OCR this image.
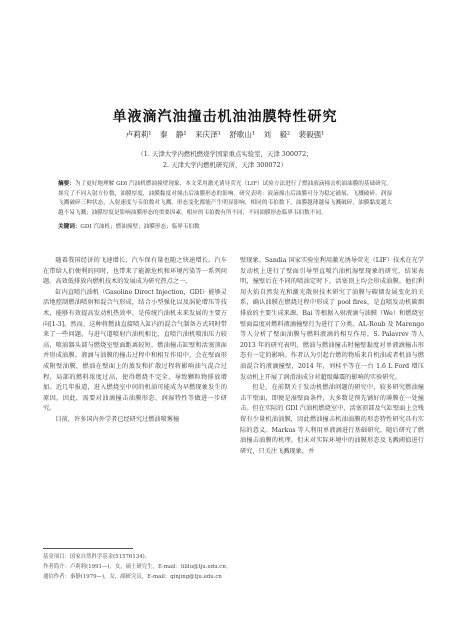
单液滴汽油撞击机油油膜特性研究
卢莉莉¹ 秦 静¹ 来庆泽¹ 舒歌山¹ 刘 毅² 裴毅强¹
（1. 天津大学内燃机燃烧学国家重点实验室，天津 300072；
2. 天津大学内燃机研究所，天津 300072）
摘要：为了更好地理解 GDI 汽油机燃油撞壁现象，本文采用激光诱导荧光（LIF）试验方法进行了燃油液滴撞击机油油膜的基础研究。探究了不同入射方位数，油膜厚度，油膜黏度对撞击后油膜形态的影响。研究表明：液滴撞击后油膜可分为稳定铺展、飞溅破碎、润湿飞溅破碎三种状态，入射速度与韦伯数对飞溅、形态变化都能产生明显影响，相同的韦伯数下，油膜越薄越易飞溅破碎，油膜黏度越大越不易飞溅；油膜厚度是影响油膜形态的重要因素，相应的韦伯数有所不同，不同油膜形态临界韦伯数不同。
关键词：GDI 汽油机；燃油撞壁；油膜形态；临界韦伯数

随着我国经济的飞速增长，汽车保有量也随之快速增长。汽车在带给人们便利的同时，也带来了能源危机和环境污染等一系列问题。高效低排放内燃机技术的发展成为研究热点之一。

缸内直喷汽油机（Gasoline Direct Injection，GDI）能够灵活地控制燃油喷射和混合气形成，结合小型强化以及涡轮增压等技术，能够有效提高发动机热效率，是传统汽油机未来发展的主要方向[1-3]。然而，这种将燃油直接喷入缸内的混合气制备方式同时带来了一些问题。与进气道喷射汽油机相比，直喷汽油机喷油压力较高，喷油器头部与燃烧室壁面距离较短，燃油撞击缸壁和活塞顶面并形成油膜。液滴与油膜的撞击过程中和相互作用中，会在壁面形成附壁油膜，燃油在壁面上的蒸发和扩散过程将影响油气混合过程，局部的燃料浓度过高，使得燃烧不完全，导致颗粒物排放增加。近几年报道，进入燃烧室中间的机油可能成为早燃现象发生的原因。因此，需要对油滴撞击油膜形态、润湿特性等做进一步研究。

目前，许多国内外学者已经研究过燃油喷雾撞

壁现象。Sandia 国家实验室利用激光诱导荧光（LIF）技术在光学发动机上进行了壁面引导型直喷汽油机湿壁现象的研究，结果表明，撞壁后在不同的喷油定时下，活塞顶上均会形成油膜。他们利用火焰自然发光和激光散射技术研究了油膜与碳烟发展变化的关系，确认油膜在燃烧过程中形成了 pool fires，是直喷发动机碳烟排放的主要生成来源。Bai 等根据入射液滴与油膜（We）和燃烧室壁面温度对燃料液滴撞壁行为进行了分类。AL-Roub 及 Marengo 等人分析了壁面油膜与燃料液滴的相互作用。S. Palavrev 等人 2013 年的研究表明，燃油与燃油撞击时撞壁黏度对单液滴撞击形态有一定的影响。作者认为引起台燃的物质来自机油或者机油与燃油混合的液滴撞壁，2014 年，刘桂平等在一台 1.6 L Ford 增压发动机上开展了润滑油成分对超级爆震的影响的实验研究。

但是，在前期关于发动机燃油问题的研究中，较多研究燃油撞击干壁面，即便是湿壁面条件，大多数是预先铺好的薄膜在一处撞击。但在实际的 GDI 汽油机燃烧室中，活塞顶部及气缸壁面上会残留有少量机油油膜，因此燃油撞击机油油膜的形态特性研究具有实际的意义。Markus 等人利用单液滴进行基础研究，随后研究了燃油撞击油膜的机理。但未对实际环境中的油膜形态及飞溅阈值进行研究，只关注飞溅现象，并

基金项目：国家自然科学基金(51576134)。
作者简介：卢莉莉(1991—)，女，硕士研究生，E-mail：lililu@tju.edu.cn。
通信作者：秦静(1979—)，女，副研究员，E-mail：qinjing@tju.edu.cn
